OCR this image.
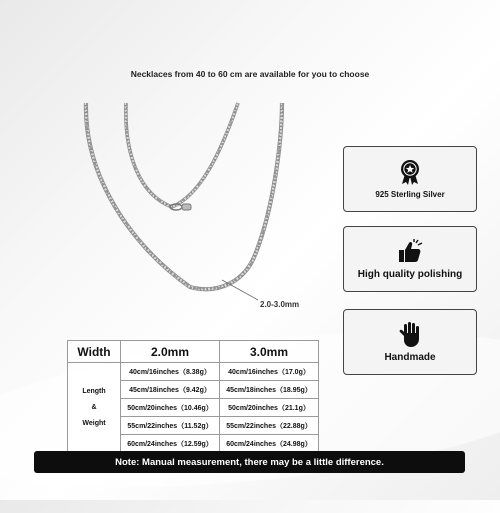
Necklaces from 40 to 60 cm are available for you to choose
2.0-3.0mm
925 Sterling Silver
High quality polishing
Handmade
Width	2.0mm	3.0mm
Length
&
Weight	40cm/16inches（8.38g）	40cm/16inches（17.0g）
	45cm/18inches（9.42g）	45cm/18inches（18.95g）
	50cm/20inches（10.46g）	50cm/20inches（21.1g）
	55cm/22inches（11.52g）	55cm/22inches（22.88g）
	60cm/24inches（12.59g）	60cm/24inches（24.98g）
Note: Manual measurement, there may be a little difference.
